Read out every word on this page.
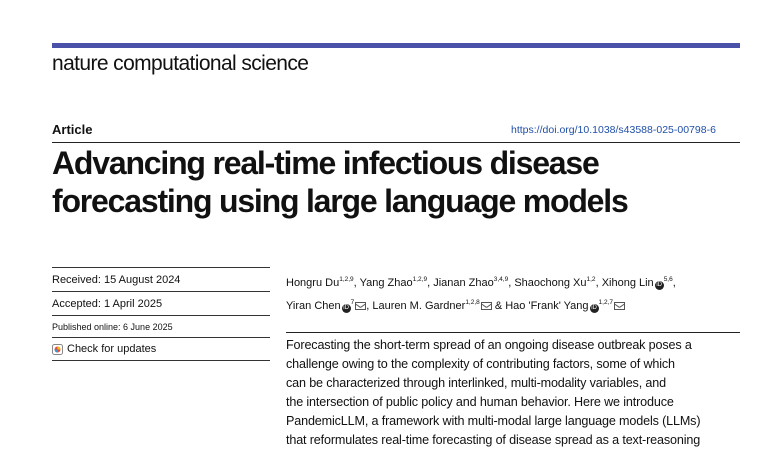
nature computational science
Article	https://doi.org/10.1038/s43588-025-00798-6
Advancing real-time infectious disease
forecasting using large language models
Received: 15 August 2024
Accepted: 1 April 2025
Published online: 6 June 2025
Check for updates
Hongru Du$^{1,2,9}$, Yang Zhao$^{1,2,9}$, Jianan Zhao$^{3,4,9}$, Shaochong Xu$^{1,2}$, Xihong Lin iD$^{5,6}$,
Yiran Chen $iD^7$ , Lauren M. Gardner$^{1,2,8}$ & Hao 'Frank' Yang iD$^{1,2,7}$
Forecasting the short-term spread of an ongoing disease outbreak poses a
challenge owing to the complexity of contributing factors, some of which
can be characterized through interlinked, multi-modality variables, and
the intersection of public policy and human behavior. Here we introduce
PandemicLLM, a framework with multi-modal large language models (LLMs)
that reformulates real-time forecasting of disease spread as a text-reasoning
